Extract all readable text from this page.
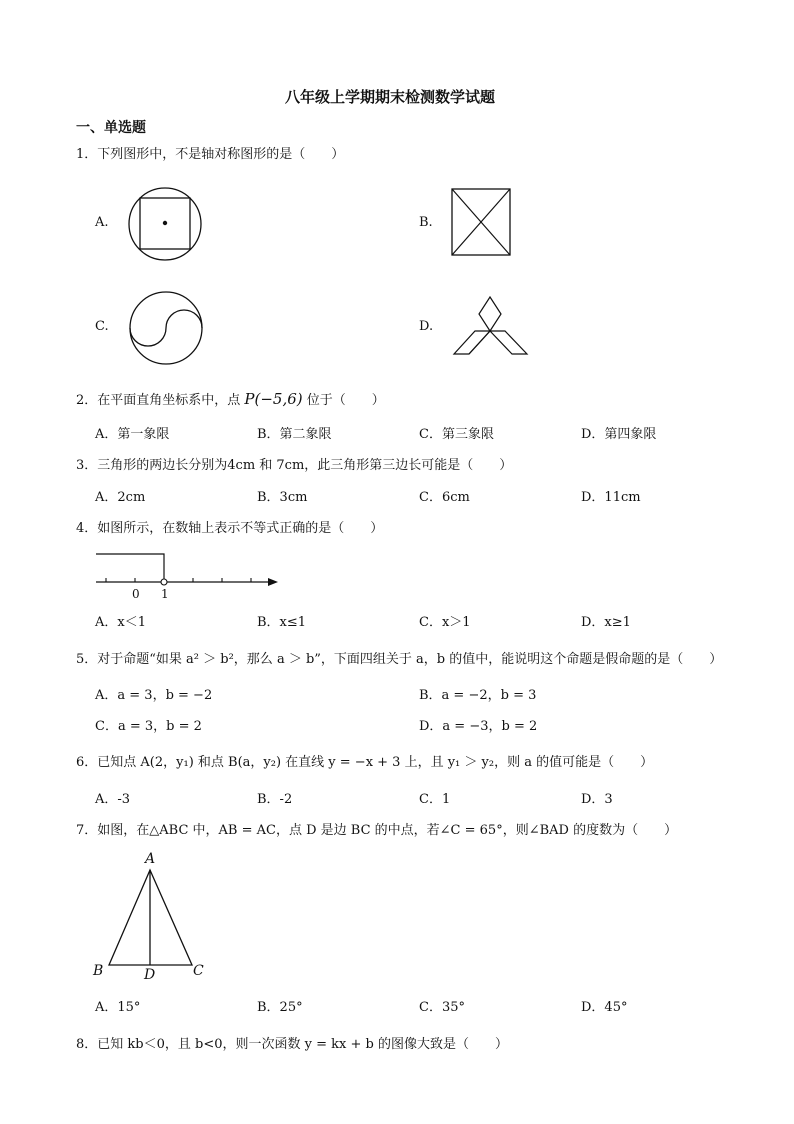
八年级上学期期末检测数学试题
一、单选题
1．下列图形中，不是轴对称图形的是（　　）
A.	B.
C.	D.
2．在平面直角坐标系中，点 P(−5,6) 位于（　　）
A．第一象限	B．第二象限	C．第三象限	D．第四象限
3．三角形的两边长分别为4cm 和 7cm，此三角形第三边长可能是（　　）
A．2cm	B．3cm	C．6cm	D．11cm
4．如图所示，在数轴上表示不等式正确的是（　　）
0 1
A．x＜1	B．x≤1	C．x＞1	D．x≥1
5．对于命题“如果 a² ＞ b²，那么 a ＞ b”，下面四组关于 a，b 的值中，能说明这个命题是假命题的是（　　）
A．a = 3，b = −2	B．a = −2，b = 3
C．a = 3，b = 2	D．a = −3，b = 2
6．已知点 A(2，y₁) 和点 B(a，y₂) 在直线 y = −x + 3 上，且 y₁ ＞ y₂，则 a 的值可能是（　　）
A．-3	B．-2	C．1	D．3
7．如图，在△ABC 中，AB = AC，点 D 是边 BC 的中点，若∠C = 65°，则∠BAD 的度数为（　　）
A
B	D	C
A．15°	B．25°	C．35°	D．45°
8．已知 kb＜0，且 b<0，则一次函数 y = kx + b 的图像大致是（　　）
